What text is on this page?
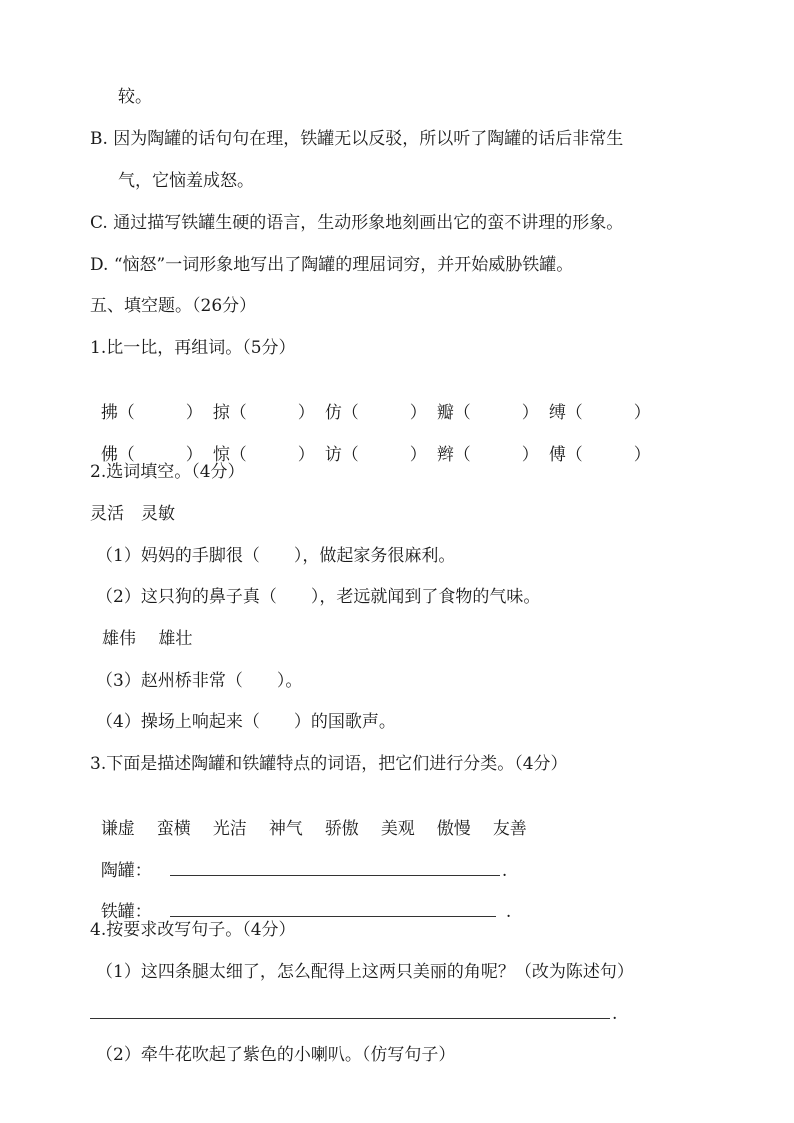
较。
B. 因为陶罐的话句句在理，铁罐无以反驳，所以听了陶罐的话后非常生
气，它恼羞成怒。
C. 通过描写铁罐生硬的语言，生动形象地刻画出它的蛮不讲理的形象。
D. “恼怒”一词形象地写出了陶罐的理屈词穷，并开始威胁铁罐。
五、填空题。（26分）
1.比一比，再组词。（5分）

拂（　　　） 掠（　　　） 仿（　　　） 瓣（　　　） 缚（　　　）

佛（　　　） 惊（　　　） 访（　　　） 辫（　　　） 傅（　　　）

2.选词填空。（4分）
灵活　灵敏
（1）妈妈的手脚很（　　），做起家务很麻利。
（2）这只狗的鼻子真（　　），老远就闻到了食物的气味。
雄伟　 雄壮
（3）赵州桥非常（　　）。
（4）操场上响起来（　　）的国歌声。
3.下面是描述陶罐和铁罐特点的词语，把它们进行分类。（4分）

谦虚 蛮横 光洁 神气 骄傲 美观 傲慢 友善

陶罐：	.

铁罐：	.

4.按要求改写句子。（4分）
（1）这四条腿太细了，怎么配得上这两只美丽的角呢？（改为陈述句）
.
（2）牵牛花吹起了紫色的小喇叭。（仿写句子）
